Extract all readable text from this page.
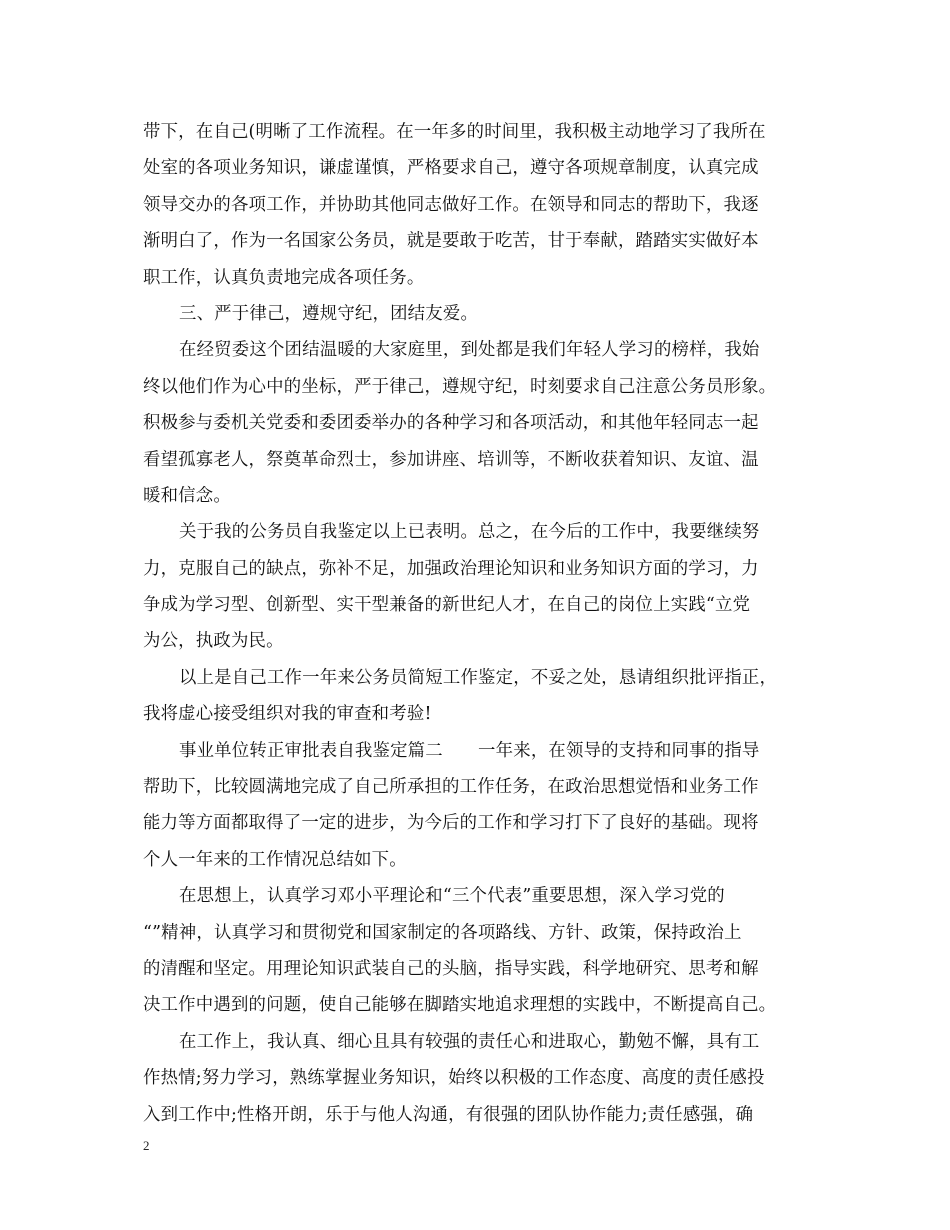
带下，在自己(明晰了工作流程。在一年多的时间里，我积极主动地学习了我所在
处室的各项业务知识，谦虚谨慎，严格要求自己，遵守各项规章制度，认真完成
领导交办的各项工作，并协助其他同志做好工作。在领导和同志的帮助下，我逐
渐明白了，作为一名国家公务员，就是要敢于吃苦，甘于奉献，踏踏实实做好本
职工作，认真负责地完成各项任务。
三、严于律己，遵规守纪，团结友爱。
在经贸委这个团结温暖的大家庭里，到处都是我们年轻人学习的榜样，我始
终以他们作为心中的坐标，严于律己，遵规守纪，时刻要求自己注意公务员形象。
积极参与委机关党委和委团委举办的各种学习和各项活动，和其他年轻同志一起
看望孤寡老人，祭奠革命烈士，参加讲座、培训等，不断收获着知识、友谊、温
暖和信念。
关于我的公务员自我鉴定以上已表明。总之，在今后的工作中，我要继续努
力，克服自己的缺点，弥补不足，加强政治理论知识和业务知识方面的学习，力
争成为学习型、创新型、实干型兼备的新世纪人才，在自己的岗位上实践“立党
为公，执政为民。
以上是自己工作一年来公务员简短工作鉴定，不妥之处，恳请组织批评指正，
我将虚心接受组织对我的审查和考验!
事业单位转正审批表自我鉴定篇二　　一年来，在领导的支持和同事的指导
帮助下，比较圆满地完成了自己所承担的工作任务，在政治思想觉悟和业务工作
能力等方面都取得了一定的进步，为今后的工作和学习打下了良好的基础。现将
个人一年来的工作情况总结如下。
在思想上，认真学习邓小平理论和“三个代表”重要思想，深入学习党的
“”精神，认真学习和贯彻党和国家制定的各项路线、方针、政策，保持政治上
的清醒和坚定。用理论知识武装自己的头脑，指导实践，科学地研究、思考和解
决工作中遇到的问题，使自己能够在脚踏实地追求理想的实践中，不断提高自己。
在工作上，我认真、细心且具有较强的责任心和进取心，勤勉不懈，具有工
作热情;努力学习，熟练掌握业务知识，始终以积极的工作态度、高度的责任感投
入到工作中;性格开朗，乐于与他人沟通，有很强的团队协作能力;责任感强，确
2
